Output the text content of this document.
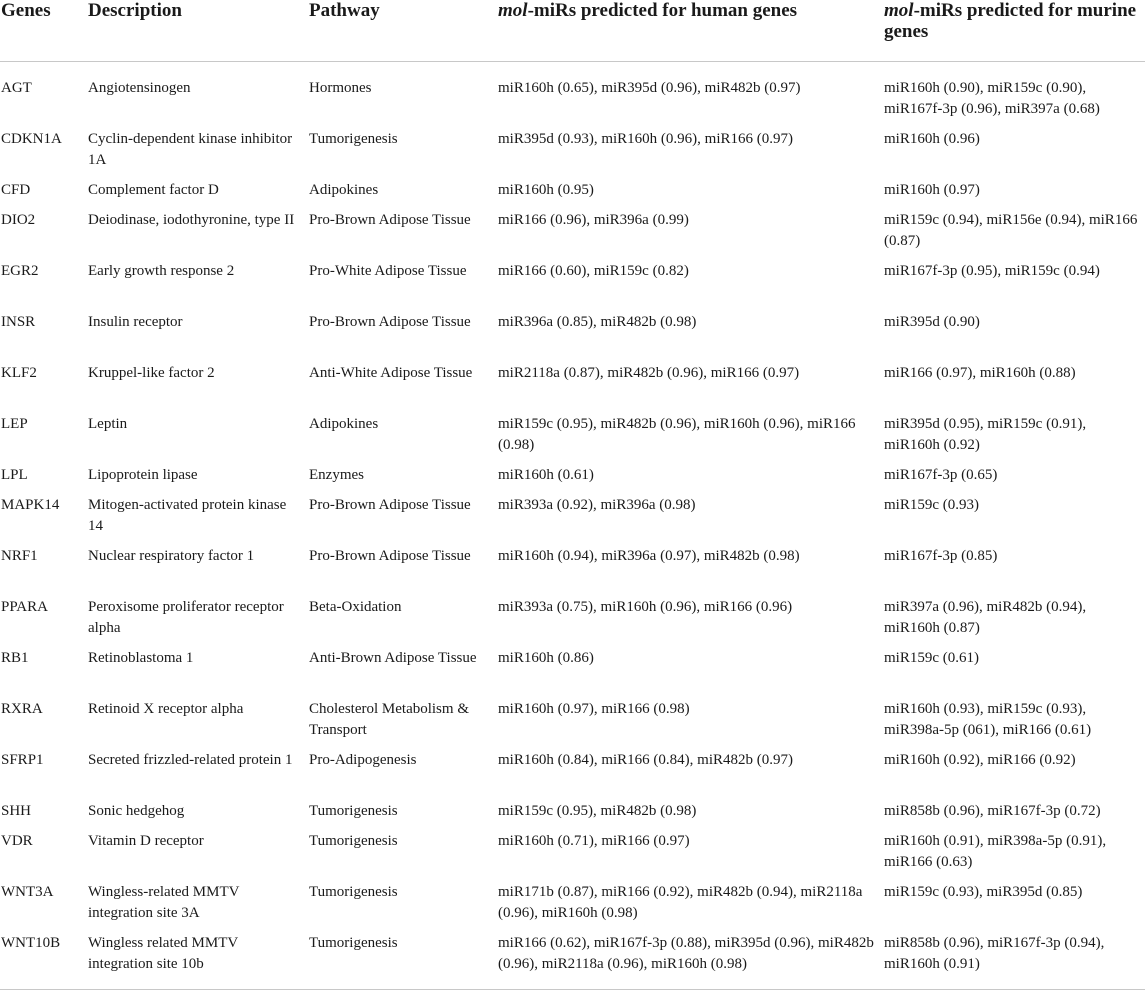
Genes	Description	Pathway	mol-miRs predicted for human genes	mol-miRs predicted for murine genes
AGT	Angiotensinogen	Hormones	miR160h (0.65), miR395d (0.96), miR482b (0.97)	miR160h (0.90), miR159c (0.90), miR167f-3p (0.96), miR397a (0.68)
CDKN1A	Cyclin-dependent kinase inhibitor 1A	Tumorigenesis	miR395d (0.93), miR160h (0.96), miR166 (0.97)	miR160h (0.96)
CFD	Complement factor D	Adipokines	miR160h (0.95)	miR160h (0.97)
DIO2	Deiodinase, iodothyronine, type II	Pro-Brown Adipose Tissue	miR166 (0.96), miR396a (0.99)	miR159c (0.94), miR156e (0.94), miR166 (0.87)
EGR2	Early growth response 2	Pro-White Adipose Tissue	miR166 (0.60), miR159c (0.82)	miR167f-3p (0.95), miR159c (0.94)
INSR	Insulin receptor	Pro-Brown Adipose Tissue	miR396a (0.85), miR482b (0.98)	miR395d (0.90)
KLF2	Kruppel-like factor 2	Anti-White Adipose Tissue	miR2118a (0.87), miR482b (0.96), miR166 (0.97)	miR166 (0.97), miR160h (0.88)
LEP	Leptin	Adipokines	miR159c (0.95), miR482b (0.96), miR160h (0.96), miR166 (0.98)	miR395d (0.95), miR159c (0.91), miR160h (0.92)
LPL	Lipoprotein lipase	Enzymes	miR160h (0.61)	miR167f-3p (0.65)
MAPK14	Mitogen-activated protein kinase 14	Pro-Brown Adipose Tissue	miR393a (0.92), miR396a (0.98)	miR159c (0.93)
NRF1	Nuclear respiratory factor 1	Pro-Brown Adipose Tissue	miR160h (0.94), miR396a (0.97), miR482b (0.98)	miR167f-3p (0.85)
PPARA	Peroxisome proliferator receptor alpha	Beta-Oxidation	miR393a (0.75), miR160h (0.96), miR166 (0.96)	miR397a (0.96), miR482b (0.94), miR160h (0.87)
RB1	Retinoblastoma 1	Anti-Brown Adipose Tissue	miR160h (0.86)	miR159c (0.61)
RXRA	Retinoid X receptor alpha	Cholesterol Metabolism & Transport	miR160h (0.97), miR166 (0.98)	miR160h (0.93), miR159c (0.93), miR398a-5p (061), miR166 (0.61)
SFRP1	Secreted frizzled-related protein 1	Pro-Adipogenesis	miR160h (0.84), miR166 (0.84), miR482b (0.97)	miR160h (0.92), miR166 (0.92)
SHH	Sonic hedgehog	Tumorigenesis	miR159c (0.95), miR482b (0.98)	miR858b (0.96), miR167f-3p (0.72)
VDR	Vitamin D receptor	Tumorigenesis	miR160h (0.71), miR166 (0.97)	miR160h (0.91), miR398a-5p (0.91), miR166 (0.63)
WNT3A	Wingless-related MMTV integration site 3A	Tumorigenesis	miR171b (0.87), miR166 (0.92), miR482b (0.94), miR2118a (0.96), miR160h (0.98)	miR159c (0.93), miR395d (0.85)
WNT10B	Wingless related MMTV integration site 10b	Tumorigenesis	miR166 (0.62), miR167f-3p (0.88), miR395d (0.96), miR482b (0.96), miR2118a (0.96), miR160h (0.98)	miR858b (0.96), miR167f-3p (0.94), miR160h (0.91)
